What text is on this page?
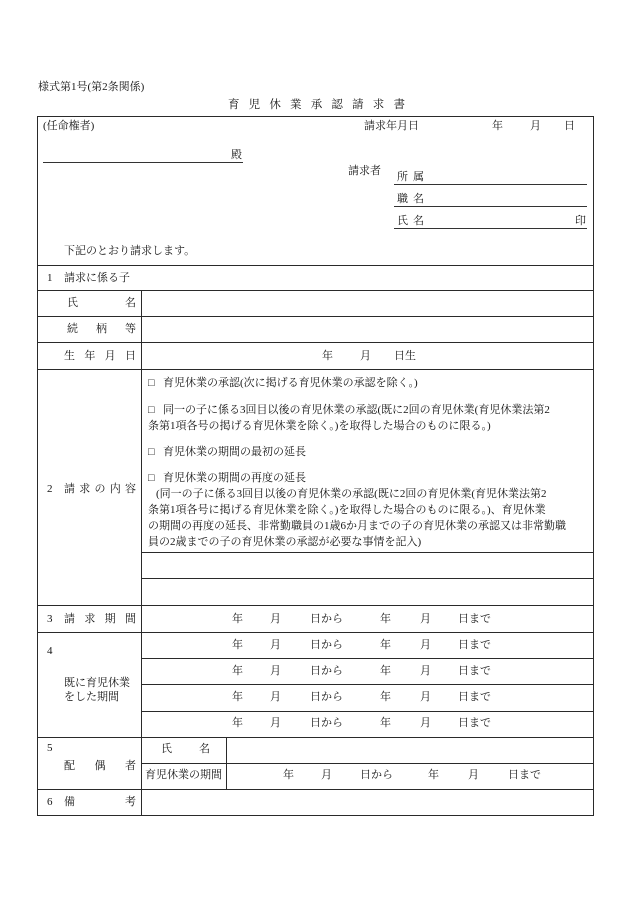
様式第1号(第2条関係)
育 児 休 業 承 認 請 求 書
(任命権者)	請求年月日	年 月 日
殿
請求者 所 属
職 名
氏 名	印
下記のとおり請求します。
1 請求に係る子
氏 名
続 柄 等
生 年 月 日	年 月 日生
2 請 求 の 内 容
□ 育児休業の承認(次に掲げる育児休業の承認を除く。)
□ 同一の子に係る3回目以後の育児休業の承認(既に2回の育児休業(育児休業法第2
条第1項各号の掲げる育児休業を除く。)を取得した場合のものに限る。)
□ 育児休業の期間の最初の延長
□ 育児休業の期間の再度の延長
(同一の子に係る3回目以後の育児休業の承認(既に2回の育児休業(育児休業法第2
条第1項各号に掲げる育児休業を除く。)を取得した場合のものに限る。)、育児休業
の期間の再度の延長、非常勤職員の1歳6か月までの子の育児休業の承認又は非常勤職
員の2歳までの子の育児休業の承認が必要な事情を記入)
3 請 求 期 間	年 月	日から	年	月 日まで
4
既に育児休業
をした期間
年 月	日から	年	月 日まで
年 月	日から	年	月 日まで
年 月	日から	年	月 日まで
年 月	日から	年	月 日まで
5
配 偶 者
氏 名
育児休業の期間	年 月	日から	年	月	日まで
6 備 考
